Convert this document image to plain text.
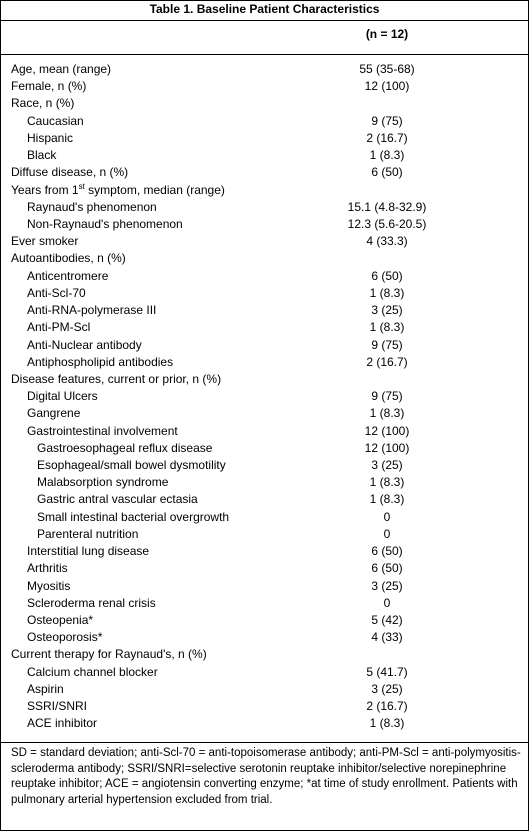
Table 1. Baseline Patient Characteristics
(n = 12)
Age, mean (range)	55 (35-68)
Female, n (%)	12 (100)
Race, n (%)
Caucasian	9 (75)
Hispanic	2 (16.7)
Black	1 (8.3)
Diffuse disease, n (%)	6 (50)
Years from 1st symptom, median (range)
Raynaud's phenomenon	15.1 (4.8-32.9)
Non-Raynaud's phenomenon	12.3 (5.6-20.5)
Ever smoker	4 (33.3)
Autoantibodies, n (%)
Anticentromere	6 (50)
Anti-Scl-70	1 (8.3)
Anti-RNA-polymerase III	3 (25)
Anti-PM-Scl	1 (8.3)
Anti-Nuclear antibody	9 (75)
Antiphospholipid antibodies	2 (16.7)
Disease features, current or prior, n (%)
Digital Ulcers	9 (75)
Gangrene	1 (8.3)
Gastrointestinal involvement	12 (100)
Gastroesophageal reflux disease	12 (100)
Esophageal/small bowel dysmotility	3 (25)
Malabsorption syndrome	1 (8.3)
Gastric antral vascular ectasia	1 (8.3)
Small intestinal bacterial overgrowth	0
Parenteral nutrition	0
Interstitial lung disease	6 (50)
Arthritis	6 (50)
Myositis	3 (25)
Scleroderma renal crisis	0
Osteopenia*	5 (42)
Osteoporosis*	4 (33)
Current therapy for Raynaud's, n (%)
Calcium channel blocker	5 (41.7)
Aspirin	3 (25)
SSRI/SNRI	2 (16.7)
ACE inhibitor	1 (8.3)
SD = standard deviation; anti-Scl-70 = anti-topoisomerase antibody; anti-PM-Scl = anti-polymyositis-scleroderma antibody; SSRI/SNRI=selective serotonin reuptake inhibitor/selective norepinephrine reuptake inhibitor; ACE = angiotensin converting enzyme; *at time of study enrollment. Patients with pulmonary arterial hypertension excluded from trial.
